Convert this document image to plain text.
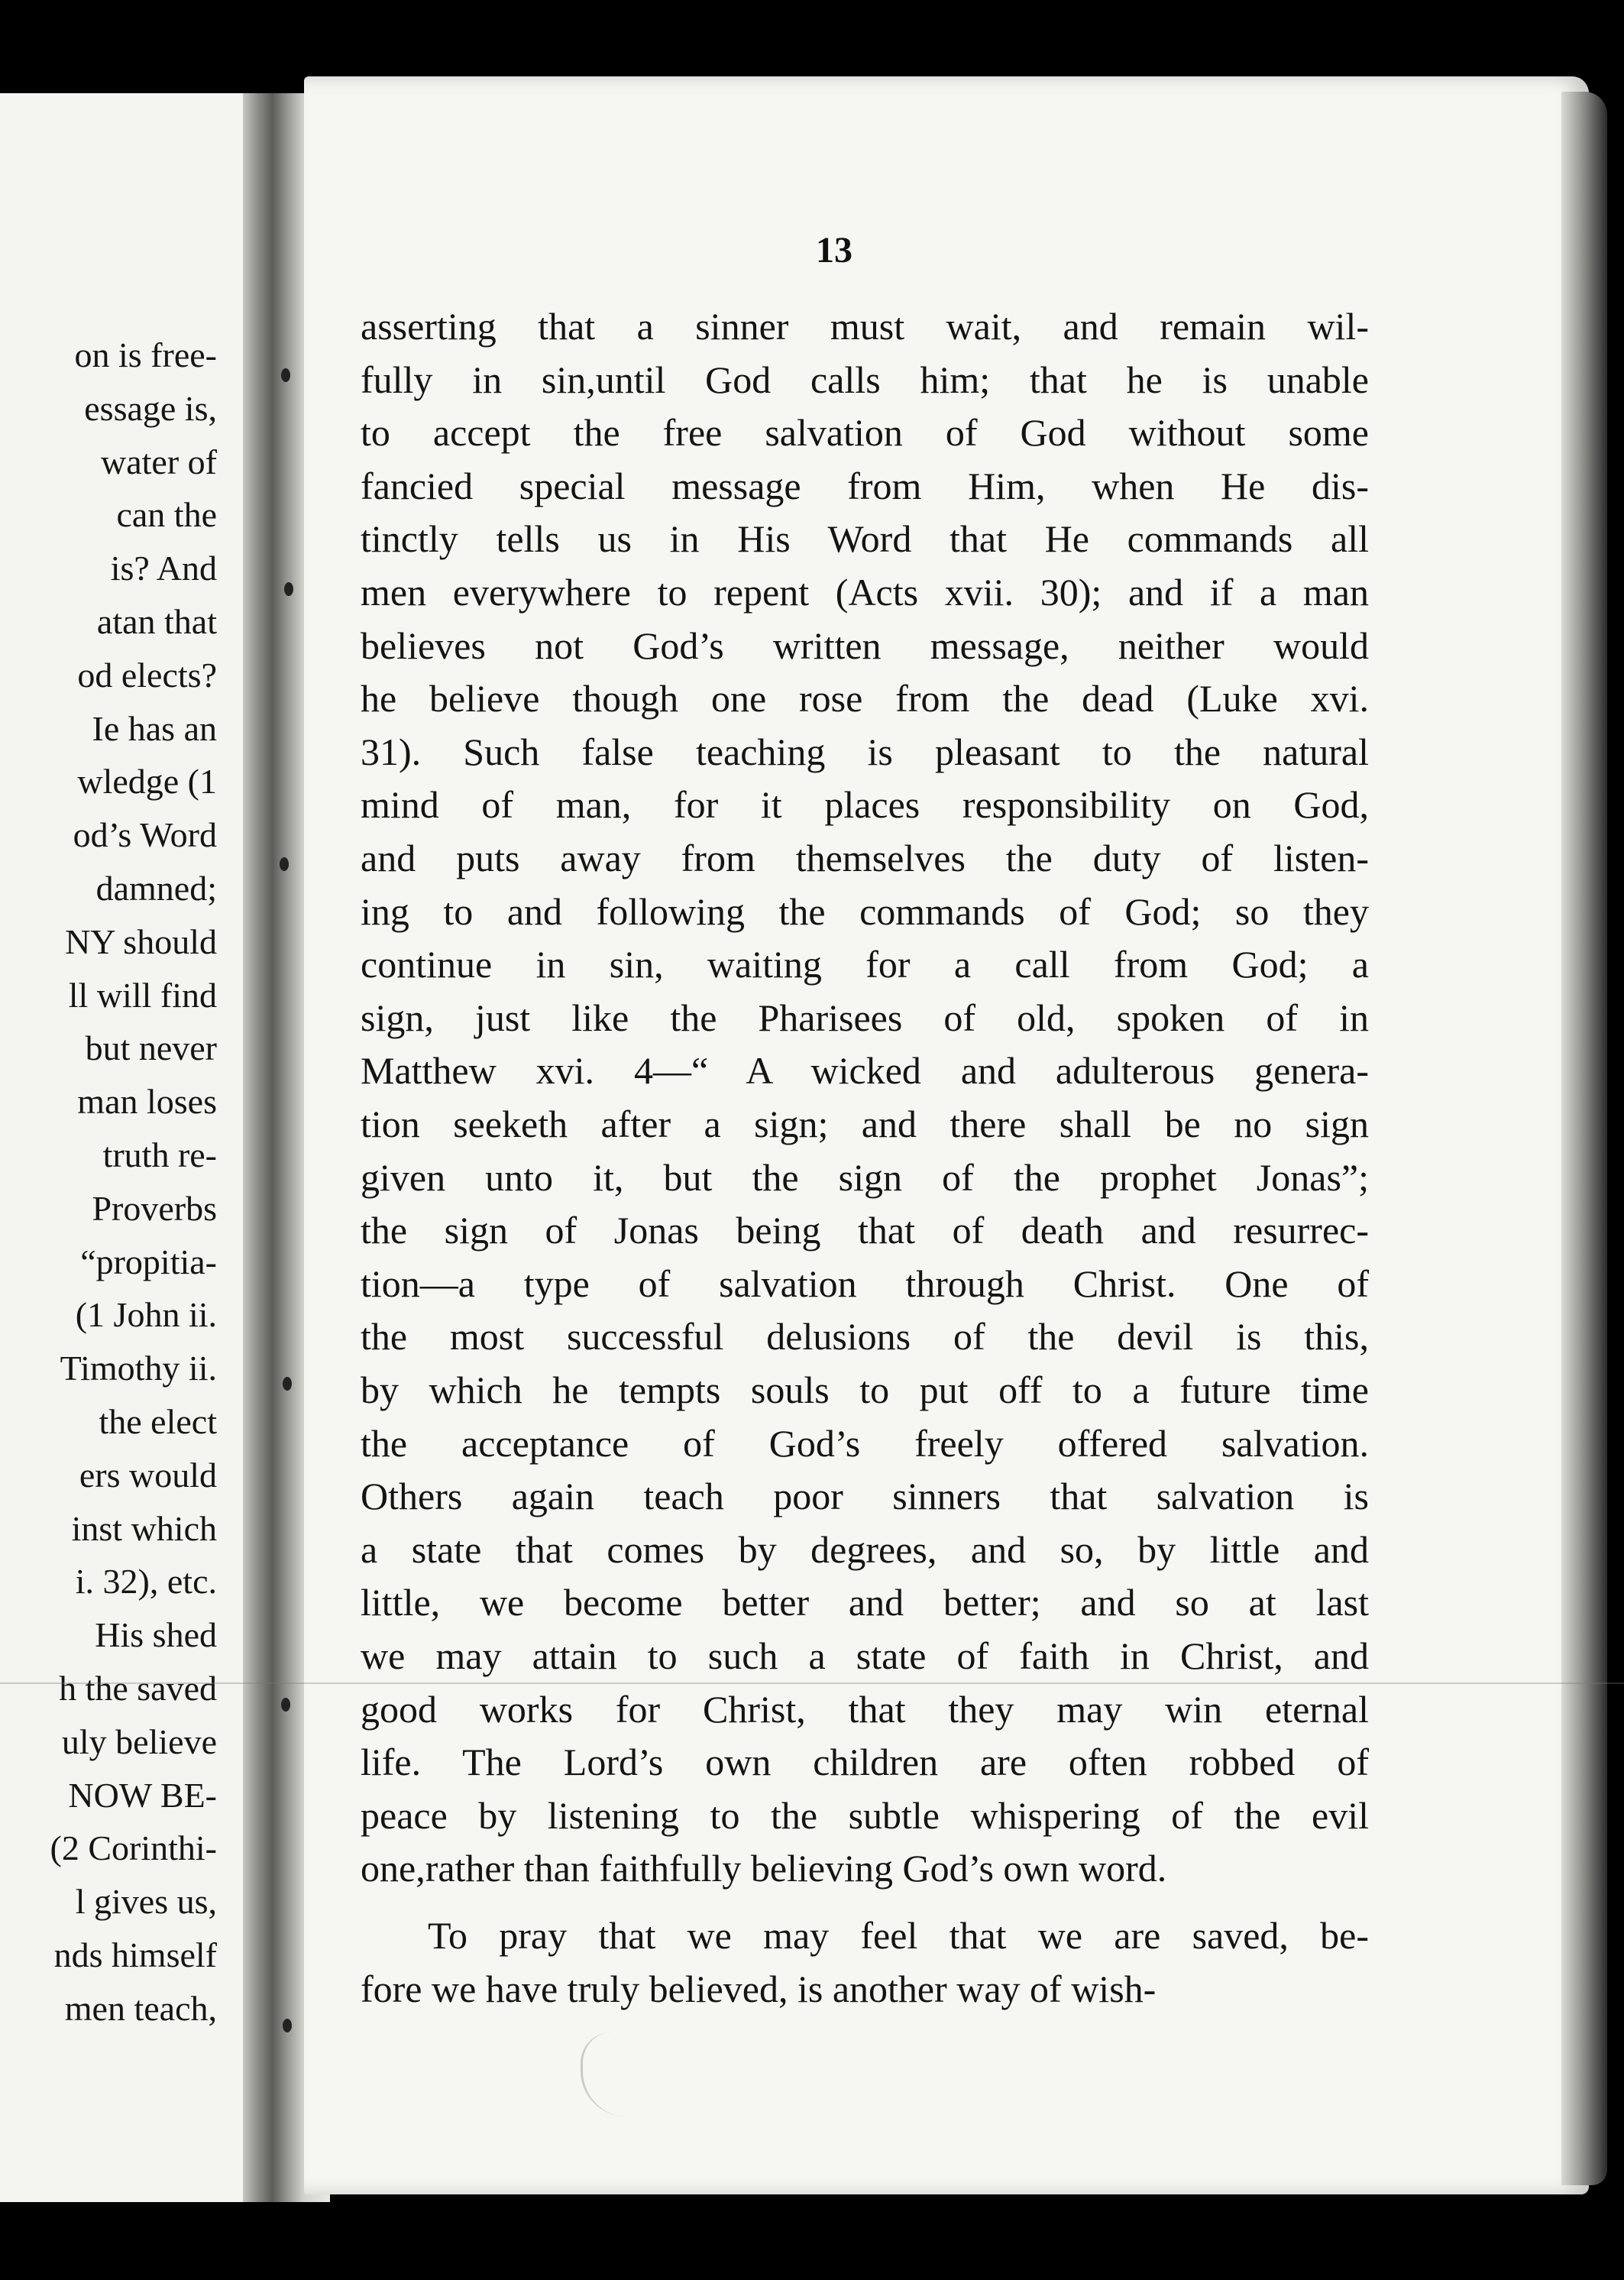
on is free-
essage is,
water of
can the
is? And
atan that
od elects?
Ie has an
wledge (1
od’s Word
damned;
NY should
ll will find
but never
man loses
truth re-
Proverbs
“propitia-
(1 John ii.
Timothy ii.
the elect
ers would
inst which
i. 32), etc.
His shed
h the saved
uly believe
NOW BE-
(2 Corinthi-
l gives us,
nds himself
men teach,
13
asserting that a sinner must wait, and remain wil-
fully in sin,until God calls him; that he is unable
to accept the free salvation of God without some
fancied special message from Him, when He dis-
tinctly tells us in His Word that He commands all
men everywhere to repent (Acts xvii. 30); and if a man
believes not God’s written message, neither would
he believe though one rose from the dead (Luke xvi.
31). Such false teaching is pleasant to the natural
mind of man, for it places responsibility on God,
and puts away from themselves the duty of listen-
ing to and following the commands of God; so they
continue in sin, waiting for a call from God; a
sign, just like the Pharisees of old, spoken of in
Matthew xvi. 4—“ A wicked and adulterous genera-
tion seeketh after a sign; and there shall be no sign
given unto it, but the sign of the prophet Jonas”;
the sign of Jonas being that of death and resurrec-
tion—a type of salvation through Christ. One of
the most successful delusions of the devil is this,
by which he tempts souls to put off to a future time
the acceptance of God’s freely offered salvation.
Others again teach poor sinners that salvation is
a state that comes by degrees, and so, by little and
little, we become better and better; and so at last
we may attain to such a state of faith in Christ, and
good works for Christ, that they may win eternal
life. The Lord’s own children are often robbed of
peace by listening to the subtle whispering of the evil
one,rather than faithfully believing God’s own word.
To pray that we may feel that we are saved, be-
fore we have truly believed, is another way of wish-
